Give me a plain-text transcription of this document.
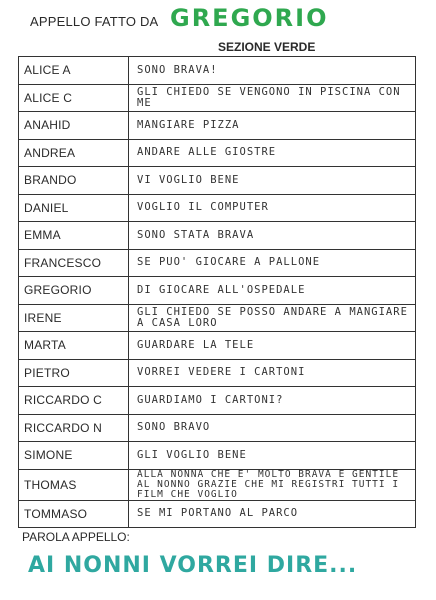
APPELLO FATTO DA GREGORIO
SEZIONE VERDE
ALICE A	SONO BRAVA!
ALICE C	GLI CHIEDO SE VENGONO IN PISCINA CON ME
ANAHID	MANGIARE PIZZA
ANDREA	ANDARE ALLE GIOSTRE
BRANDO	VI VOGLIO BENE
DANIEL	VOGLIO IL COMPUTER
EMMA	SONO STATA BRAVA
FRANCESCO	SE PUO' GIOCARE A PALLONE
GREGORIO	DI GIOCARE ALL'OSPEDALE
IRENE	GLI CHIEDO SE POSSO ANDARE A MANGIARE A CASA LORO
MARTA	GUARDARE LA TELE
PIETRO	VORREI VEDERE I CARTONI
RICCARDO C	GUARDIAMO I CARTONI?
RICCARDO N	SONO BRAVO
SIMONE	GLI VOGLIO BENE
THOMAS	ALLA NONNA CHE E' MOLTO BRAVA E GENTILE AL NONNO GRAZIE CHE MI REGISTRI TUTTI I FILM CHE VOGLIO
TOMMASO	SE MI PORTANO AL PARCO
PAROLA APPELLO:
AI NONNI VORREI DIRE...
